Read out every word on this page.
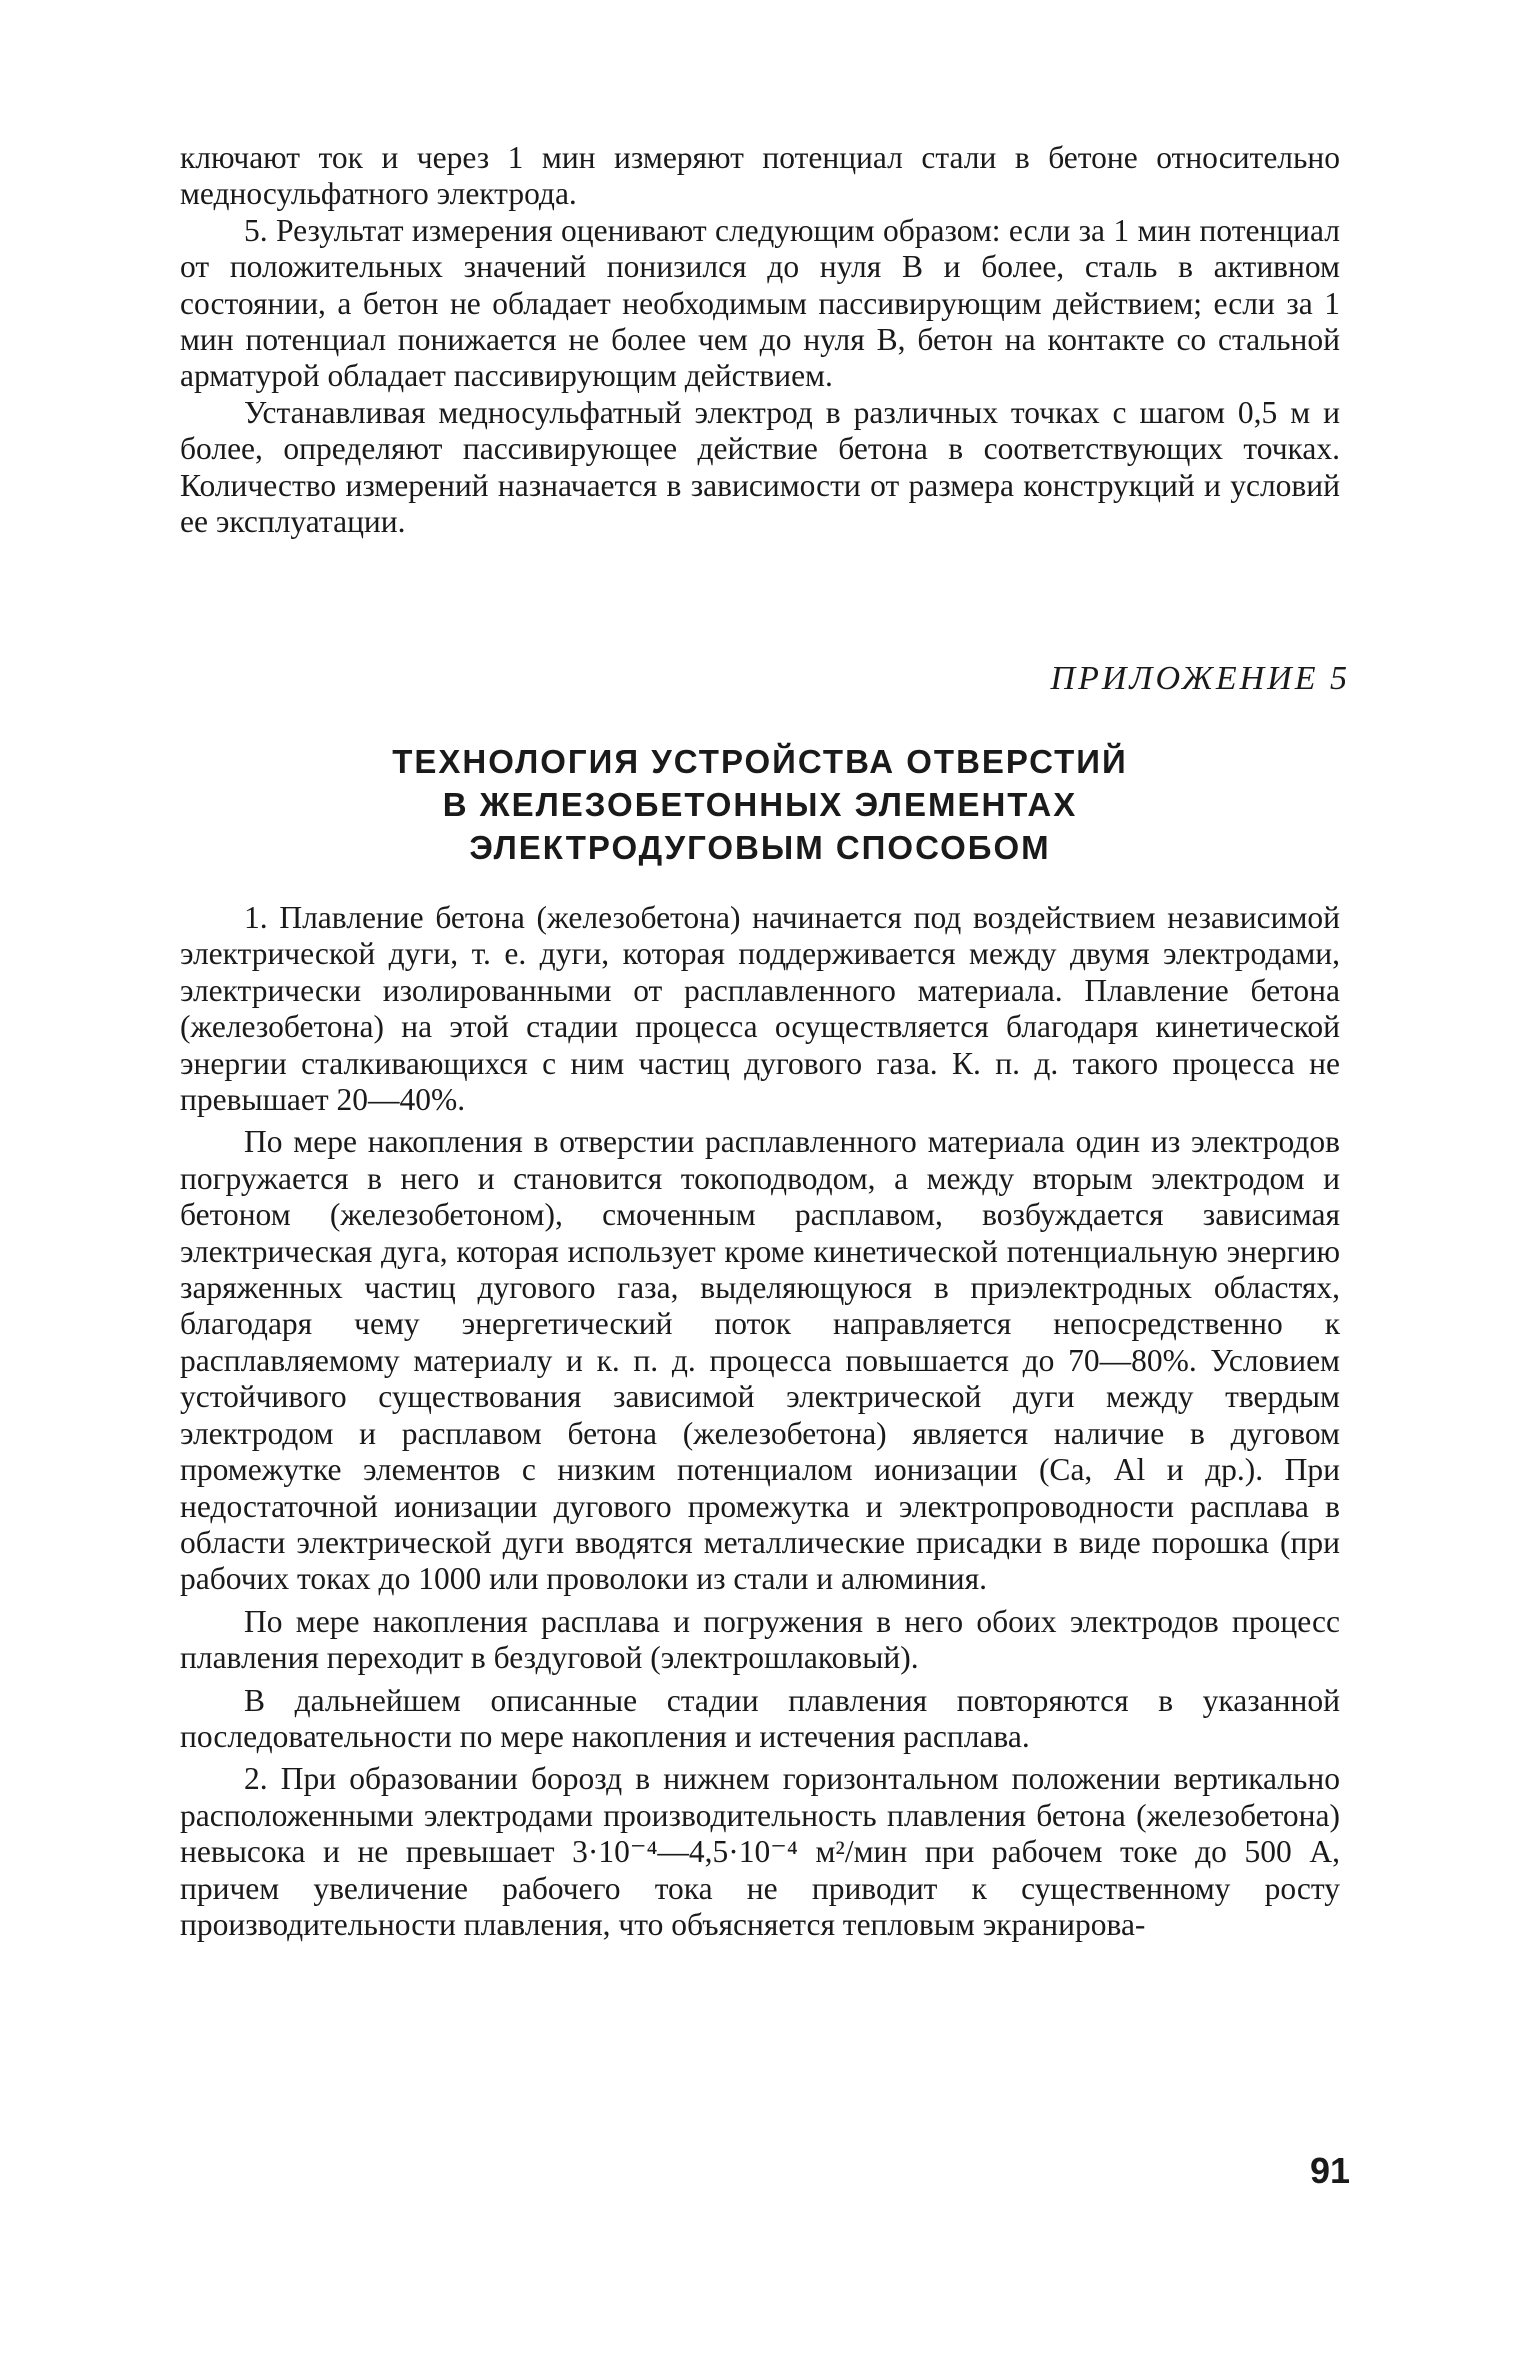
ключают ток и через 1 мин измеряют потенциал стали в бетоне относительно медносульфатного электрода.

5. Результат измерения оценивают следующим образом: если за 1 мин потенциал от положительных значений понизился до нуля В и более, сталь в активном состоянии, а бетон не обладает необходимым пассивирующим действием; если за 1 мин потенциал понижается не более чем до нуля В, бетон на контакте со стальной арматурой обладает пассивирующим действием.

Устанавливая медносульфатный электрод в различных точках с шагом 0,5 м и более, определяют пассивирующее действие бетона в соответствующих точках. Количество измерений назначается в зависимости от размера конструкций и условий ее эксплуатации.

ПРИЛОЖЕНИЕ 5

ТЕХНОЛОГИЯ УСТРОЙСТВА ОТВЕРСТИЙ
В ЖЕЛЕЗОБЕТОННЫХ ЭЛЕМЕНТАХ
ЭЛЕКТРОДУГОВЫМ СПОСОБОМ

1. Плавление бетона (железобетона) начинается под воздействием независимой электрической дуги, т. е. дуги, которая поддерживается между двумя электродами, электрически изолированными от расплавленного материала. Плавление бетона (железобетона) на этой стадии процесса осуществляется благодаря кинетической энергии сталкивающихся с ним частиц дугового газа. К. п. д. такого процесса не превышает 20—40%.

По мере накопления в отверстии расплавленного материала один из электродов погружается в него и становится токоподводом, а между вторым электродом и бетоном (железобетоном), смоченным расплавом, возбуждается зависимая электрическая дуга, которая использует кроме кинетической потенциальную энергию заряженных частиц дугового газа, выделяющуюся в приэлектродных областях, благодаря чему энергетический поток направляется непосредственно к расплавляемому материалу и к. п. д. процесса повышается до 70—80%. Условием устойчивого существования зависимой электрической дуги между твердым электродом и расплавом бетона (железобетона) является наличие в дуговом промежутке элементов с низким потенциалом ионизации (Са, Al и др.). При недостаточной ионизации дугового промежутка и электропроводности расплава в области электрической дуги вводятся металлические присадки в виде порошка (при рабочих токах до 1000 или проволоки из стали и алюминия.

По мере накопления расплава и погружения в него обоих электродов процесс плавления переходит в бездуговой (электрошлаковый).

В дальнейшем описанные стадии плавления повторяются в указанной последовательности по мере накопления и истечения расплава.

2. При образовании борозд в нижнем горизонтальном положении вертикально расположенными электродами производительность плавления бетона (железобетона) невысока и не превышает 3·10⁻⁴—4,5·10⁻⁴ м²/мин при рабочем токе до 500 А, причем увеличение рабочего тока не приводит к существенному росту производительности плавления, что объясняется тепловым экранирова-

91
